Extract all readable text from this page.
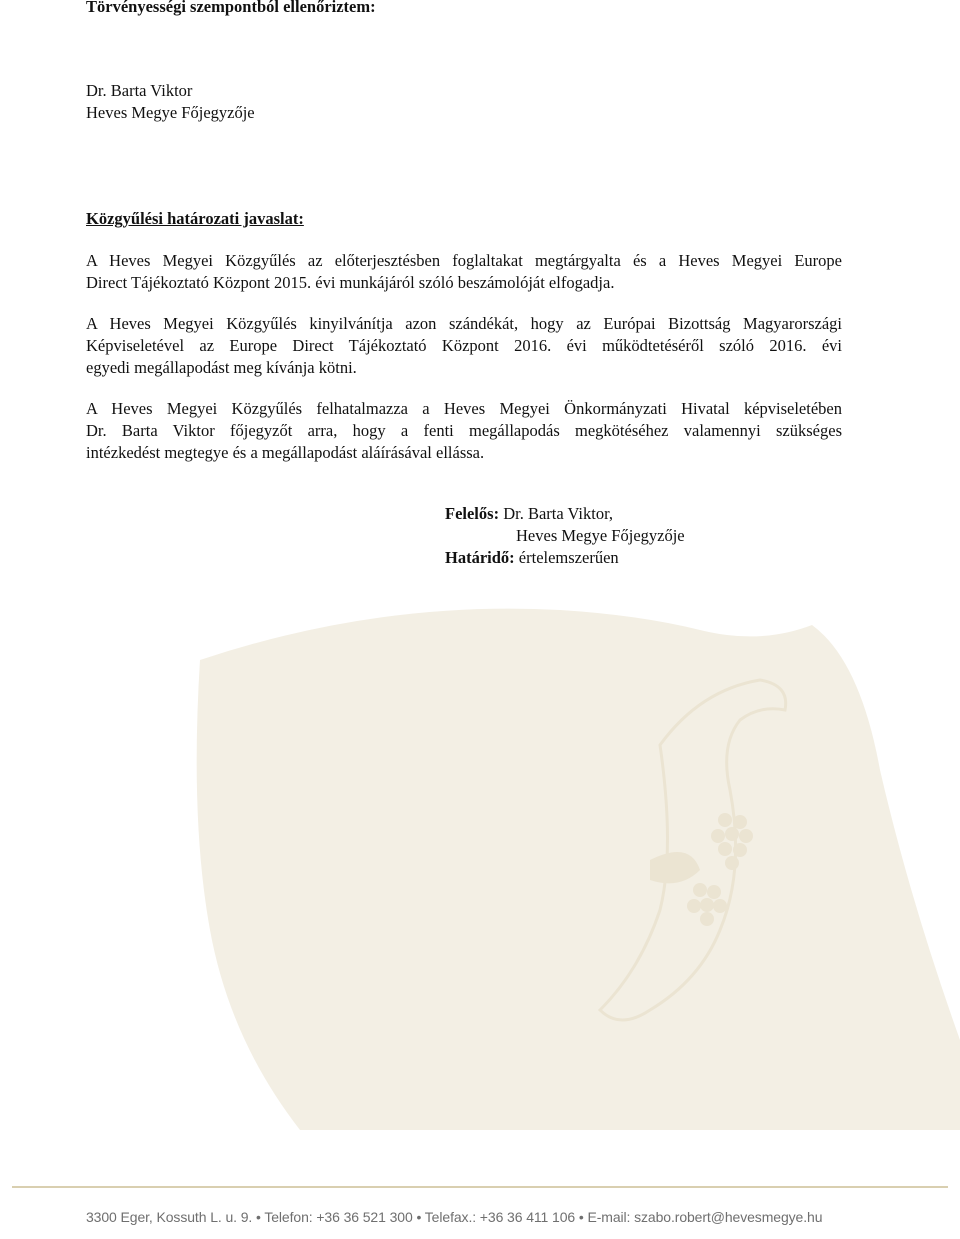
Törvényességi szempontból ellenőriztem:
Dr. Barta Viktor
Heves Megye Főjegyzője
Közgyűlési határozati javaslat:
A Heves Megyei Közgyűlés az előterjesztésben foglaltakat megtárgyalta és a Heves Megyei Europe
Direct Tájékoztató Központ 2015. évi munkájáról szóló beszámolóját elfogadja.
A Heves Megyei Közgyűlés kinyilvánítja azon szándékát, hogy az Európai Bizottság Magyarországi
Képviseletével az Europe Direct Tájékoztató Központ 2016. évi működtetéséről szóló 2016. évi
egyedi megállapodást meg kívánja kötni.
A Heves Megyei Közgyűlés felhatalmazza a Heves Megyei Önkormányzati Hivatal képviseletében
Dr. Barta Viktor főjegyzőt arra, hogy a fenti megállapodás megkötéséhez valamennyi szükséges
intézkedést megtegye és a megállapodást aláírásával ellássa.
Felelős: Dr. Barta Viktor,
Heves Megye Főjegyzője
Határidő: értelemszerűen
3300 Eger, Kossuth L. u. 9. • Telefon: +36 36 521 300 • Telefax.: +36 36 411 106 • E-mail: szabo.robert@hevesmegye.hu
